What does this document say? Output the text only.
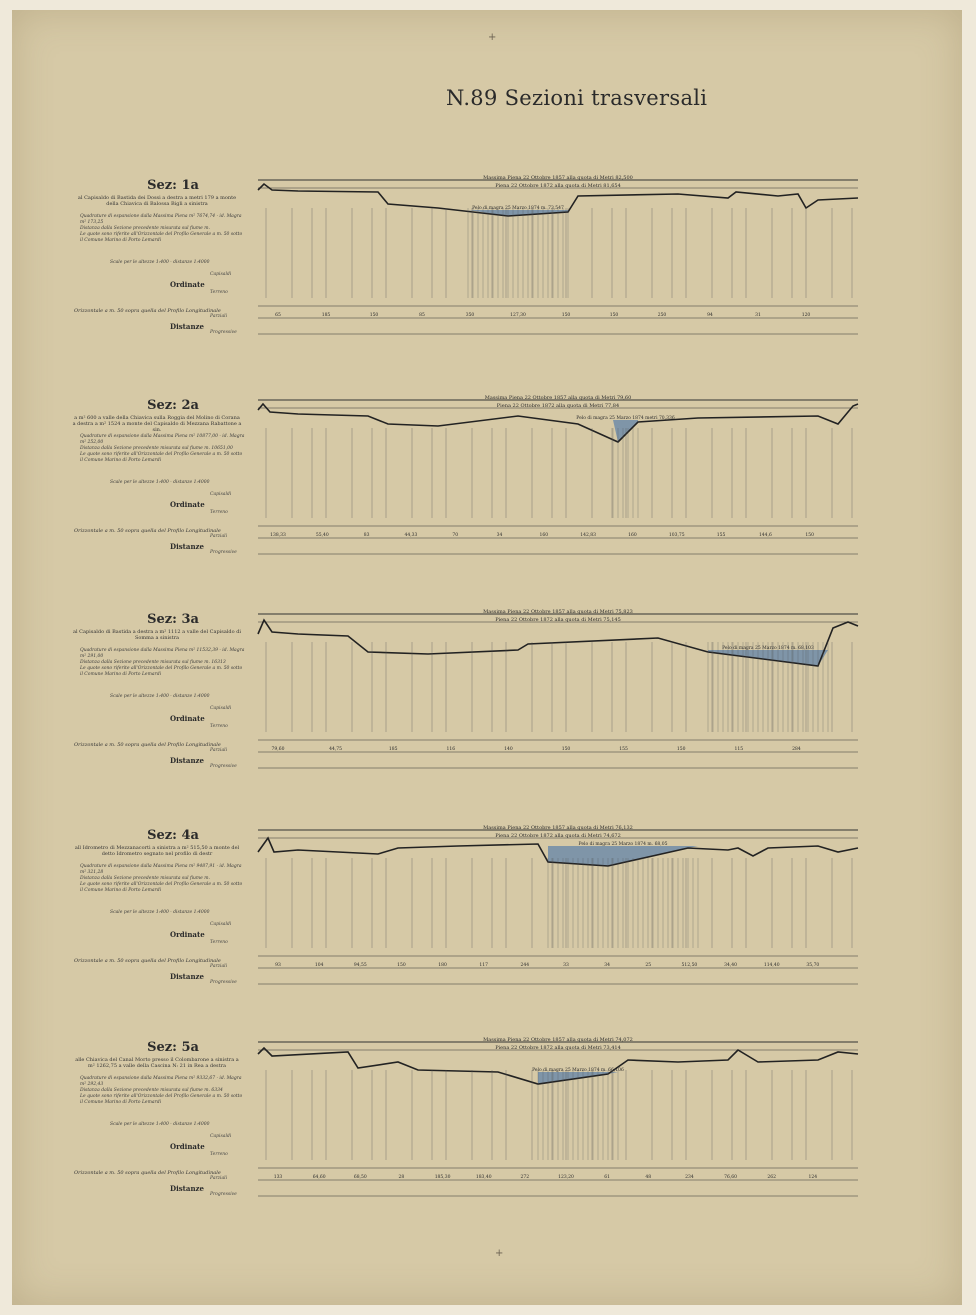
N.89 Sezioni trasversali
+
+
Sez: 1a
al Capisaldo di Bastida dei Dossi a destra a metri 179 a monte della Chiavica di Balossa Bigli a sinistra
Quadrature di espansione dalla Massima Piena m² 7674,74 · id. Magra m² 173,25
Distanza dalla Sezione precedente misurata sul fiume m.
Le quote sono riferite all'Orizzontale del Profilo Generale a m. 50 sotto il Comune Marino di Porto Lemardi
Scale per le altezze 1:400 · distanze 1:4000
Capisaldi
Ordinate
Terreno
Orizzontale a m. 50 sopra quella del Profilo Longitudinale
Parziali
Distanze
Progressive
Massima Piena 22 Ottobre 1857 alla quota di Metri 82,500
Piena 22 Ottobre 1872 alla quota di Metri 81,654
Pelo di magra 25 Marzo 1874 m. 73,547
65	185	150	85	350	127,30	150	150	250	94	31	120
Sez: 2a
a m² 600 a valle della Chiavica sulla Roggia del Molino di Corana a destra a m² 1524 a monte del Capisaldo di Mezzana Rabattone a sin.
Quadrature di espansione dalla Massima Piena m² 10877,00 · id. Magra m² 252,00
Distanza dalla Sezione precedente misurata sul fiume m. 10651,00
Le quote sono riferite all'Orizzontale del Profilo Generale a m. 50 sotto il Comune Marino di Porto Lemardi
Scale per le altezze 1:400 · distanze 1:4000
Capisaldi
Ordinate
Terreno
Orizzontale a m. 50 sopra quella del Profilo Longitudinale
Parziali
Distanze
Progressive
Massima Piena 22 Ottobre 1857 alla quota di Metri 79,60
Piena 22 Ottobre 1872 alla quota di Metri 77,84
Pelo di magra 25 Marzo 1874 metri 70,336
138,33	55,40	83	44,33	70	34	160	142,83	160	103,75	155	144,6	150
Sez: 3a
al Capisaldo di Bastida a destra a m² 1112 a valle del Capisaldo di Somma a sinistra
Quadrature di espansione dalla Massima Piena m² 11532,39 · id. Magra m² 291,00
Distanza dalla Sezione precedente misurata sul fiume m. 16313
Le quote sono riferite all'Orizzontale del Profilo Generale a m. 50 sotto il Comune Marino di Porto Lemardi
Scale per le altezze 1:400 · distanze 1:4000
Capisaldi
Ordinate
Terreno
Orizzontale a m. 50 sopra quella del Profilo Longitudinale
Parziali
Distanze
Progressive
Massima Piena 22 Ottobre 1857 alla quota di Metri 75,823
Piena 22 Ottobre 1872 alla quota di Metri 75,145
Pelo di magra 25 Marzo 1874 m. 68,103
79,60	44,75	185	116	140	150	155	150	115	284
Sez: 4a
all Idrometro di Mezzanacorti a sinistra a m² 515,50 a monte del detto Idrometro segnato nel profilo di destr
Quadrature di espansione dalla Massima Piena m² 9487,91 · id. Magra m² 321,28
Distanza dalla Sezione precedente misurata sul fiume m.
Le quote sono riferite all'Orizzontale del Profilo Generale a m. 50 sotto il Comune Marino di Porto Lemardi
Scale per le altezze 1:400 · distanze 1:4000
Capisaldi
Ordinate
Terreno
Orizzontale a m. 50 sopra quella del Profilo Longitudinale
Parziali
Distanze
Progressive
Massima Piena 22 Ottobre 1857 alla quota di Metri 76,132
Piena 22 Ottobre 1872 alla quota di Metri 74,672
Pelo di magra 25 Marzo 1874 m. 68,05
93	104	94,55	150	180	117	244	33	34	25	512,50	34,40	114,40	35,70
Sez: 5a
alle Chiavica del Canal Morto presso il Colombarone a sinistra a m² 1262,75 a valle della Cascina N: 21 in Rea a destra
Quadrature di espansione dalla Massima Piena m² 9332,67 · id. Magra m² 292,43
Distanza dalla Sezione precedente misurata sul fiume m. 6334
Le quote sono riferite all'Orizzontale del Profilo Generale a m. 50 sotto il Comune Marino di Porto Lemardi
Scale per le altezze 1:400 · distanze 1:4000
Capisaldi
Ordinate
Terreno
Orizzontale a m. 50 sopra quella del Profilo Longitudinale
Parziali
Distanze
Progressive
Massima Piena 22 Ottobre 1857 alla quota di Metri 74,072
Piena 22 Ottobre 1872 alla quota di Metri 73,414
Pelo di magra 25 Marzo 1874 m. 66,106
133	64,60	68,50	28	185,30	183,40	272	123,20	61	48	234	76,60	262	124
